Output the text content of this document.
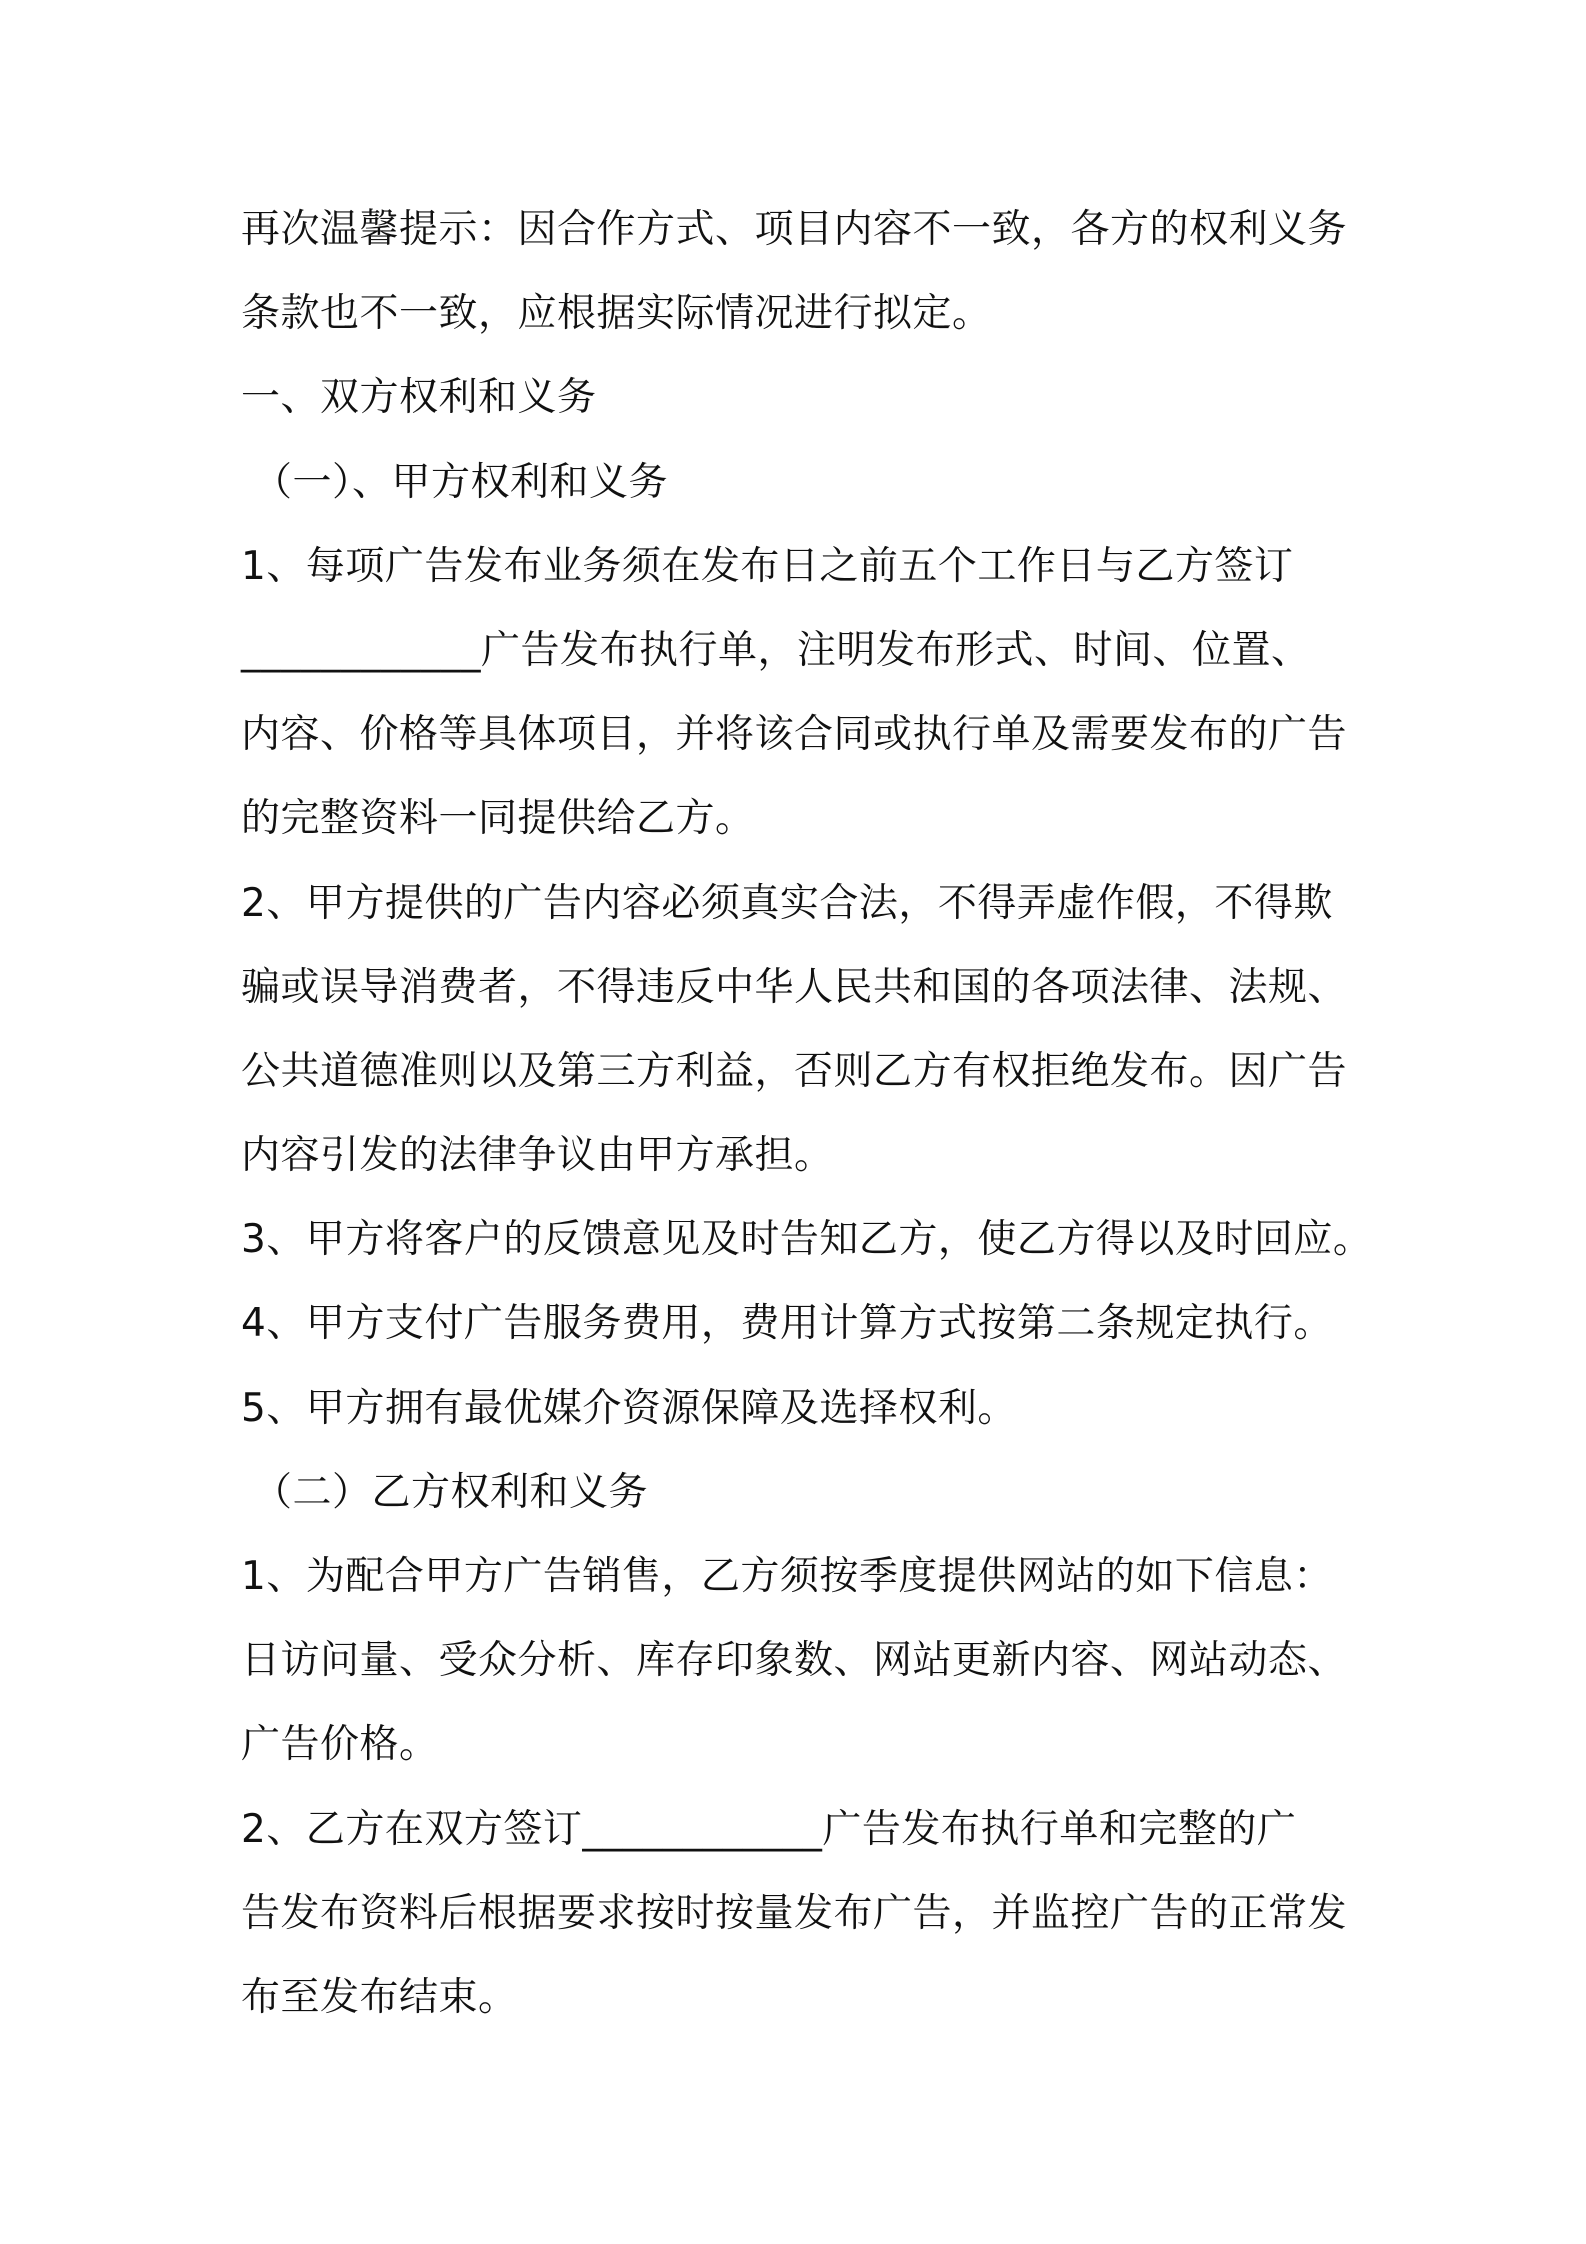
再次温馨提示：因合作方式、项目内容不一致，各方的权利义务
条款也不一致，应根据实际情况进行拟定。
一、双方权利和义务
（一）、甲方权利和义务
1、每项广告发布业务须在发布日之前五个工作日与乙方签订
____________广告发布执行单，注明发布形式、时间、位置、
内容、价格等具体项目，并将该合同或执行单及需要发布的广告
的完整资料一同提供给乙方。
2、甲方提供的广告内容必须真实合法，不得弄虚作假，不得欺
骗或误导消费者，不得违反中华人民共和国的各项法律、法规、
公共道德准则以及第三方利益，否则乙方有权拒绝发布。因广告
内容引发的法律争议由甲方承担。
3、甲方将客户的反馈意见及时告知乙方，使乙方得以及时回应。
4、甲方支付广告服务费用，费用计算方式按第二条规定执行。
5、甲方拥有最优媒介资源保障及选择权利。
（二）乙方权利和义务
1、为配合甲方广告销售，乙方须按季度提供网站的如下信息：
日访问量、受众分析、库存印象数、网站更新内容、网站动态、
广告价格。
2、乙方在双方签订____________广告发布执行单和完整的广
告发布资料后根据要求按时按量发布广告，并监控广告的正常发
布至发布结束。
